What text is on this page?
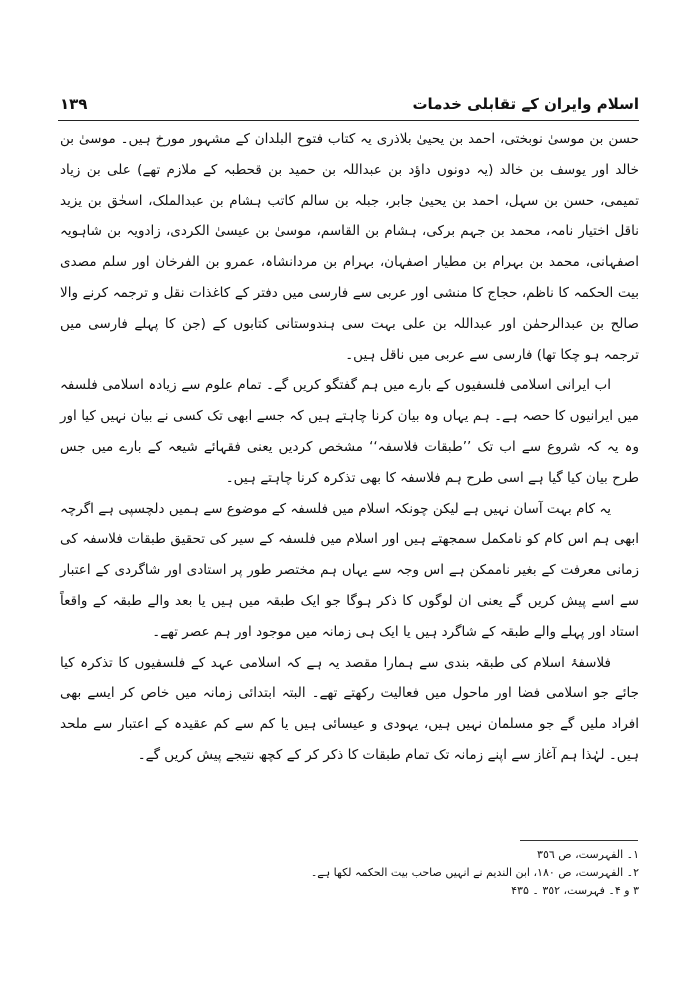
اسلام وایران کے تقابلی خدمات
١٣٩

حسن بن موسیٰ نوبختی، احمد بن یحییٰ بلاذری یہ کتاب فتوح البلدان کے مشہور مورخ ہیں۔ موسیٰ بن خالد اور یوسف بن خالد (یہ دونوں داؤد بن عبداللہ بن حمید بن قحطبہ کے ملازم تھے) علی بن زیاد تمیمی، حسن بن سہل، احمد بن یحییٰ جابر، جبلہ بن سالم کاتب ہشام بن عبدالملک، اسحٰق بن یزید ناقل اختیار نامہ، محمد بن جہم برکی، ہشام بن القاسم، موسیٰ بن عیسیٰ الکردی، زادویہ بن شاہویہ اصفہانی، محمد بن بہرام بن مطیار اصفہان، بہرام بن مردانشاہ، عمرو بن الفرخان اور سلم مصدی بیت الحکمہ کا ناظم، حجاج کا منشی اور عربی سے فارسی میں دفتر کے کاغذات نقل و ترجمہ کرنے والا صالح بن عبدالرحمٰن اور عبداللہ بن علی بہت سی ہندوستانی کتابوں کے (جن کا پہلے فارسی میں ترجمہ ہو چکا تھا) فارسی سے عربی میں ناقل ہیں۔

اب ایرانی اسلامی فلسفیوں کے بارے میں ہم گفتگو کریں گے۔ تمام علوم سے زیادہ اسلامی فلسفہ میں ایرانیوں کا حصہ ہے۔ ہم یہاں وہ بیان کرنا چاہتے ہیں کہ جسے ابھی تک کسی نے بیان نہیں کیا اور وہ یہ کہ شروع سے اب تک ’’طبقات فلاسفہ‘‘ مشخص کردیں یعنی فقہائے شیعہ کے بارے میں جس طرح بیان کیا گیا ہے اسی طرح ہم فلاسفہ کا بھی تذکرہ کرنا چاہتے ہیں۔

یہ کام بہت آسان نہیں ہے لیکن چونکہ اسلام میں فلسفہ کے موضوع سے ہمیں دلچسپی ہے اگرچہ ابھی ہم اس کام کو نامکمل سمجھتے ہیں اور اسلام میں فلسفہ کے سیر کی تحقیق طبقات فلاسفہ کی زمانی معرفت کے بغیر ناممکن ہے اس وجہ سے یہاں ہم مختصر طور پر استادی اور شاگردی کے اعتبار سے اسے پیش کریں گے یعنی ان لوگوں کا ذکر ہوگا جو ایک طبقہ میں ہیں یا بعد والے طبقہ کے واقعاً استاد اور پہلے والے طبقہ کے شاگرد ہیں یا ایک ہی زمانہ میں موجود اور ہم عصر تھے۔

فلاسفۂ اسلام کی طبقہ بندی سے ہمارا مقصد یہ ہے کہ اسلامی عہد کے فلسفیوں کا تذکرہ کیا جائے جو اسلامی فضا اور ماحول میں فعالیت رکھتے تھے۔ البتہ ابتدائی زمانہ میں خاص کر ایسے بھی افراد ملیں گے جو مسلمان نہیں ہیں، یہودی و عیسائی ہیں یا کم سے کم عقیدہ کے اعتبار سے ملحد ہیں۔ لہٰذا ہم آغاز سے اپنے زمانہ تک تمام طبقات کا ذکر کر کے کچھ نتیجے پیش کریں گے۔

١۔ الفہرست، ص ٣٥٦
٢۔ الفہرست، ص ١٨٠، ابن الندیم نے انہیں صاحب بیت الحکمہ لکھا ہے۔
٣ و ۴۔ فہرست، ٣٥٢ ۔ ۴٣۵
